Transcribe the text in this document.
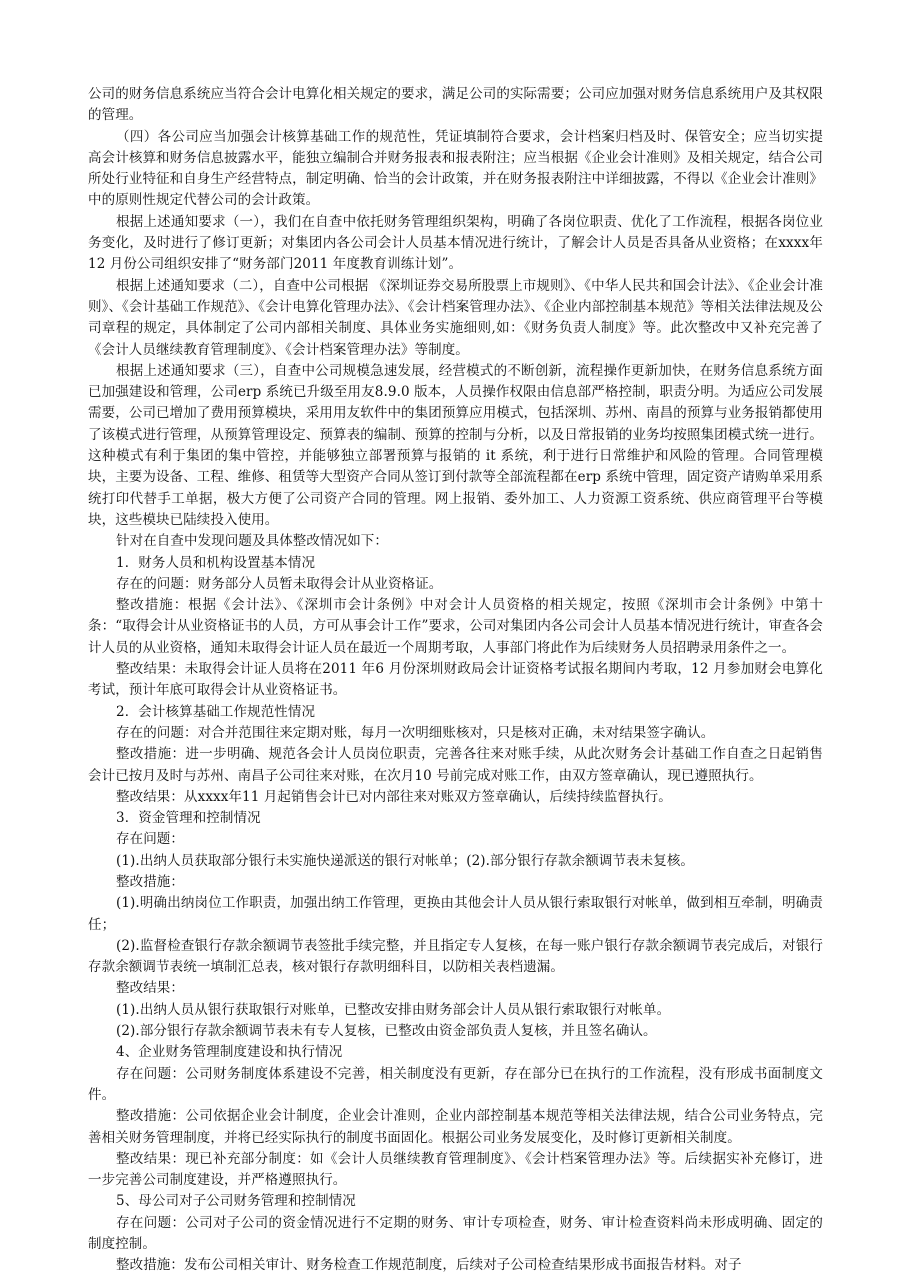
公司的财务信息系统应当符合会计电算化相关规定的要求，满足公司的实际需要；公司应加强对财务信息系统用户及其权限的管理。

（四）各公司应当加强会计核算基础工作的规范性，凭证填制符合要求，会计档案归档及时、保管安全；应当切实提高会计核算和财务信息披露水平，能独立编制合并财务报表和报表附注；应当根据《企业会计准则》及相关规定，结合公司所处行业特征和自身生产经营特点，制定明确、恰当的会计政策，并在财务报表附注中详细披露，不得以《企业会计准则》中的原则性规定代替公司的会计政策。

根据上述通知要求（一），我们在自查中依托财务管理组织架构，明确了各岗位职责、优化了工作流程，根据各岗位业务变化，及时进行了修订更新；对集团内各公司会计人员基本情况进行统计，了解会计人员是否具备从业资格；在xxxx年12 月份公司组织安排了“财务部门2011 年度教育训练计划”。

根据上述通知要求（二），自查中公司根据 《深圳证券交易所股票上市规则》、《中华人民共和国会计法》、《企业会计准则》、《会计基础工作规范》、《会计电算化管理办法》、《会计档案管理办法》、《企业内部控制基本规范》等相关法律法规及公司章程的规定，具体制定了公司内部相关制度、具体业务实施细则,如：《财务负责人制度》等。此次整改中又补充完善了《会计人员继续教育管理制度》、《会计档案管理办法》等制度。

根据上述通知要求（三），自查中公司规模急速发展，经营模式的不断创新，流程操作更新加快，在财务信息系统方面已加强建设和管理，公司erp 系统已升级至用友8.9.0 版本，人员操作权限由信息部严格控制，职责分明。为适应公司发展需要，公司已增加了费用预算模块，采用用友软件中的集团预算应用模式，包括深圳、苏州、南昌的预算与业务报销都使用了该模式进行管理，从预算管理设定、预算表的编制、预算的控制与分析，以及日常报销的业务均按照集团模式统一进行。这种模式有利于集团的集中管控，并能够独立部署预算与报销的 it 系统，利于进行日常维护和风险的管理。合同管理模块，主要为设备、工程、维修、租赁等大型资产合同从签订到付款等全部流程都在erp 系统中管理，固定资产请购单采用系统打印代替手工单据，极大方便了公司资产合同的管理。网上报销、委外加工、人力资源工资系统、供应商管理平台等模块，这些模块已陆续投入使用。

针对在自查中发现问题及具体整改情况如下：

1．财务人员和机构设置基本情况

存在的问题：财务部分人员暂未取得会计从业资格证。

整改措施：根据《会计法》、《深圳市会计条例》中对会计人员资格的相关规定，按照《深圳市会计条例》中第十条：“取得会计从业资格证书的人员，方可从事会计工作”要求，公司对集团内各公司会计人员基本情况进行统计，审查各会计人员的从业资格，通知未取得会计证人员在最近一个周期考取，人事部门将此作为后续财务人员招聘录用条件之一。

整改结果：未取得会计证人员将在2011 年6 月份深圳财政局会计证资格考试报名期间内考取，12 月参加财会电算化考试，预计年底可取得会计从业资格证书。

2．会计核算基础工作规范性情况

存在的问题：对合并范围往来定期对账，每月一次明细账核对，只是核对正确，未对结果签字确认。

整改措施：进一步明确、规范各会计人员岗位职责，完善各往来对账手续，从此次财务会计基础工作自查之日起销售会计已按月及时与苏州、南昌子公司往来对账，在次月10 号前完成对账工作，由双方签章确认，现已遵照执行。

整改结果：从xxxx年11 月起销售会计已对内部往来对账双方签章确认，后续持续监督执行。

3．资金管理和控制情况

存在问题：

(1).出纳人员获取部分银行未实施快递派送的银行对帐单；(2).部分银行存款余额调节表未复核。

整改措施：

(1).明确出纳岗位工作职责，加强出纳工作管理，更换由其他会计人员从银行索取银行对帐单，做到相互牵制，明确责任；

(2).监督检查银行存款余额调节表签批手续完整，并且指定专人复核，在每一账户银行存款余额调节表完成后，对银行存款余额调节表统一填制汇总表，核对银行存款明细科目，以防相关表档遗漏。

整改结果：

(1).出纳人员从银行获取银行对账单，已整改安排由财务部会计人员从银行索取银行对帐单。

(2).部分银行存款余额调节表未有专人复核，已整改由资金部负责人复核，并且签名确认。

4、企业财务管理制度建设和执行情况

存在问题：公司财务制度体系建设不完善，相关制度没有更新，存在部分已在执行的工作流程，没有形成书面制度文件。

整改措施：公司依据企业会计制度，企业会计准则，企业内部控制基本规范等相关法律法规，结合公司业务特点，完善相关财务管理制度，并将已经实际执行的制度书面固化。根据公司业务发展变化，及时修订更新相关制度。

整改结果：现已补充部分制度：如《会计人员继续教育管理制度》、《会计档案管理办法》等。后续据实补充修订，进一步完善公司制度建设，并严格遵照执行。

5、母公司对子公司财务管理和控制情况

存在问题：公司对子公司的资金情况进行不定期的财务、审计专项检查，财务、审计检查资料尚未形成明确、固定的制度控制。

整改措施：发布公司相关审计、财务检查工作规范制度，后续对子公司检查结果形成书面报告材料。对子
